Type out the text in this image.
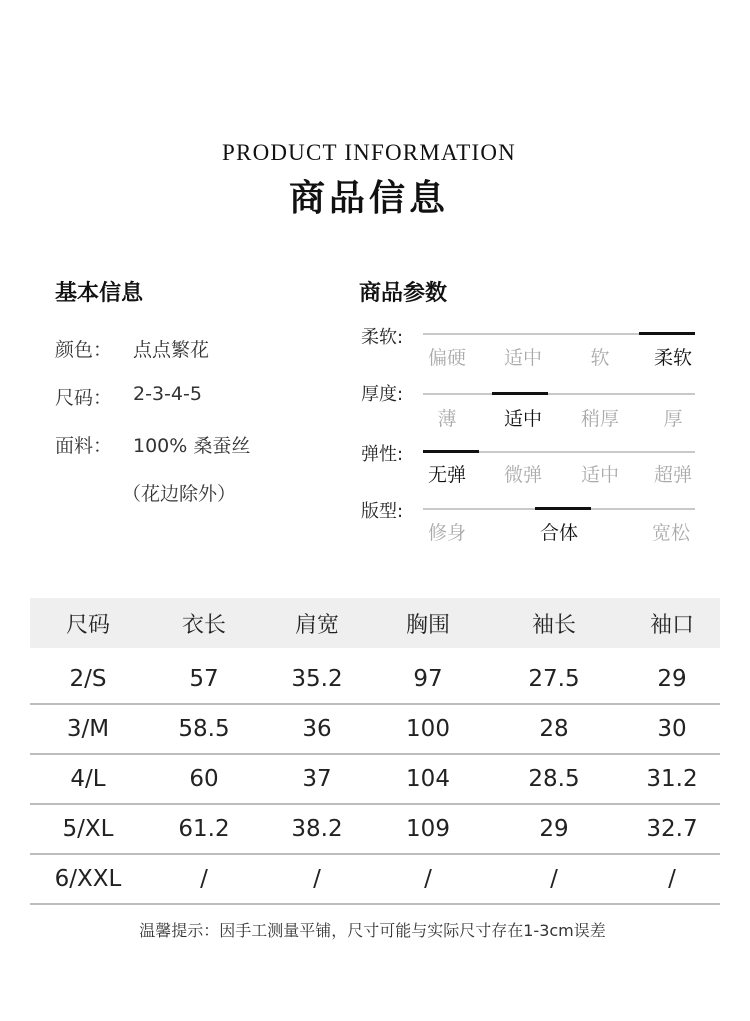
PRODUCT INFORMATION
商品信息
基本信息
颜色： 点点繁花
尺码： 2-3-4-5
面料： 100% 桑蚕丝
（花边除外）
商品参数
柔软:
偏硬	适中	软	柔软
厚度:
薄	适中	稍厚	厚
弹性:
无弹	微弹	适中	超弹
版型:
修身	合体	宽松
尺码	衣长	肩宽	胸围	袖长	袖口
2/S	57	35.2	97	27.5	29
3/M	58.5	36	100	28	30
4/L	60	37	104	28.5	31.2
5/XL	61.2	38.2	109	29	32.7
6/XXL	/	/	/	/	/
温馨提示：因手工测量平铺，尺寸可能与实际尺寸存在1-3cm误差
